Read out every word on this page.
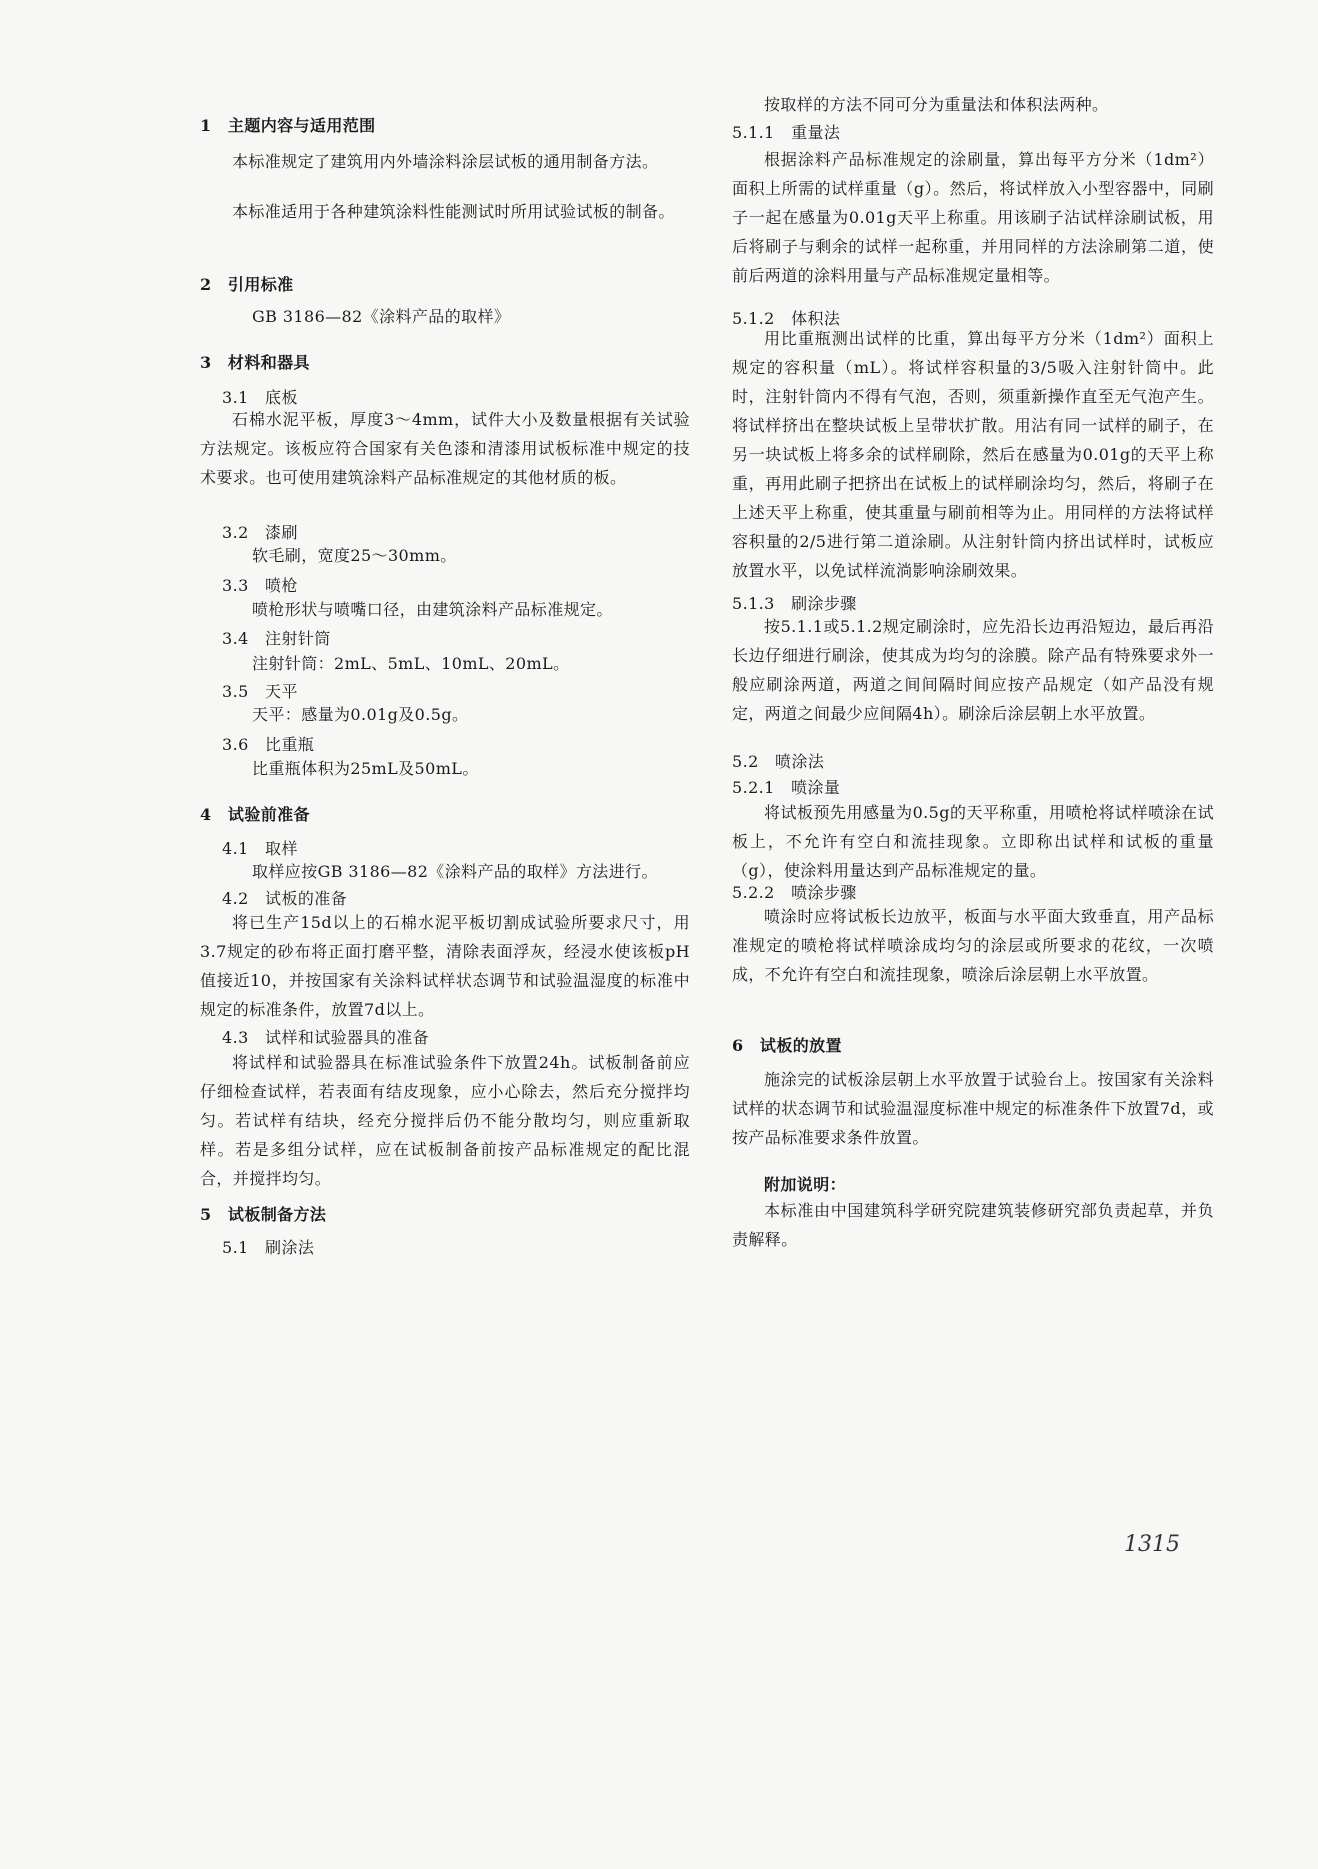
1　主题内容与适用范围
本标准规定了建筑用内外墙涂料涂层试板的通用制备方法。
本标准适用于各种建筑涂料性能测试时所用试验试板的制备。
2　引用标准
GB 3186—82《涂料产品的取样》
3　材料和器具
3.1　底板
石棉水泥平板，厚度3～4mm，试件大小及数量根据有关试验方法规定。该板应符合国家有关色漆和清漆用试板标准中规定的技术要求。也可使用建筑涂料产品标准规定的其他材质的板。
3.2　漆刷
软毛刷，宽度25～30mm。
3.3　喷枪
喷枪形状与喷嘴口径，由建筑涂料产品标准规定。
3.4　注射针筒
注射针筒：2mL、5mL、10mL、20mL。
3.5　天平
天平：感量为0.01g及0.5g。
3.6　比重瓶
比重瓶体积为25mL及50mL。
4　试验前准备
4.1　取样
取样应按GB 3186—82《涂料产品的取样》方法进行。
4.2　试板的准备
将已生产15d以上的石棉水泥平板切割成试验所要求尺寸，用3.7规定的砂布将正面打磨平整，清除表面浮灰，经浸水使该板pH值接近10，并按国家有关涂料试样状态调节和试验温湿度的标准中规定的标准条件，放置7d以上。
4.3　试样和试验器具的准备
将试样和试验器具在标准试验条件下放置24h。试板制备前应仔细检查试样，若表面有结皮现象，应小心除去，然后充分搅拌均匀。若试样有结块，经充分搅拌后仍不能分散均匀，则应重新取样。若是多组分试样，应在试板制备前按产品标准规定的配比混合，并搅拌均匀。
5　试板制备方法
5.1　刷涂法
按取样的方法不同可分为重量法和体积法两种。
5.1.1　重量法
根据涂料产品标准规定的涂刷量，算出每平方分米（1dm²）面积上所需的试样重量（g）。然后，将试样放入小型容器中，同刷子一起在感量为0.01g天平上称重。用该刷子沾试样涂刷试板，用后将刷子与剩余的试样一起称重，并用同样的方法涂刷第二道，使前后两道的涂料用量与产品标准规定量相等。
5.1.2　体积法
用比重瓶测出试样的比重，算出每平方分米（1dm²）面积上规定的容积量（mL）。将试样容积量的3/5吸入注射针筒中。此时，注射针筒内不得有气泡，否则，须重新操作直至无气泡产生。将试样挤出在整块试板上呈带状扩散。用沾有同一试样的刷子，在另一块试板上将多余的试样刷除，然后在感量为0.01g的天平上称重，再用此刷子把挤出在试板上的试样刷涂均匀，然后，将刷子在上述天平上称重，使其重量与刷前相等为止。用同样的方法将试样容积量的2/5进行第二道涂刷。从注射针筒内挤出试样时，试板应放置水平，以免试样流淌影响涂刷效果。
5.1.3　刷涂步骤
按5.1.1或5.1.2规定刷涂时，应先沿长边再沿短边，最后再沿长边仔细进行刷涂，使其成为均匀的涂膜。除产品有特殊要求外一般应刷涂两道，两道之间间隔时间应按产品规定（如产品没有规定，两道之间最少应间隔4h）。刷涂后涂层朝上水平放置。
5.2　喷涂法
5.2.1　喷涂量
将试板预先用感量为0.5g的天平称重，用喷枪将试样喷涂在试板上，不允许有空白和流挂现象。立即称出试样和试板的重量（g），使涂料用量达到产品标准规定的量。
5.2.2　喷涂步骤
喷涂时应将试板长边放平，板面与水平面大致垂直，用产品标准规定的喷枪将试样喷涂成均匀的涂层或所要求的花纹，一次喷成，不允许有空白和流挂现象，喷涂后涂层朝上水平放置。
6　试板的放置
施涂完的试板涂层朝上水平放置于试验台上。按国家有关涂料试样的状态调节和试验温湿度标准中规定的标准条件下放置7d，或按产品标准要求条件放置。
附加说明：
本标准由中国建筑科学研究院建筑装修研究部负责起草，并负责解释。
1315
